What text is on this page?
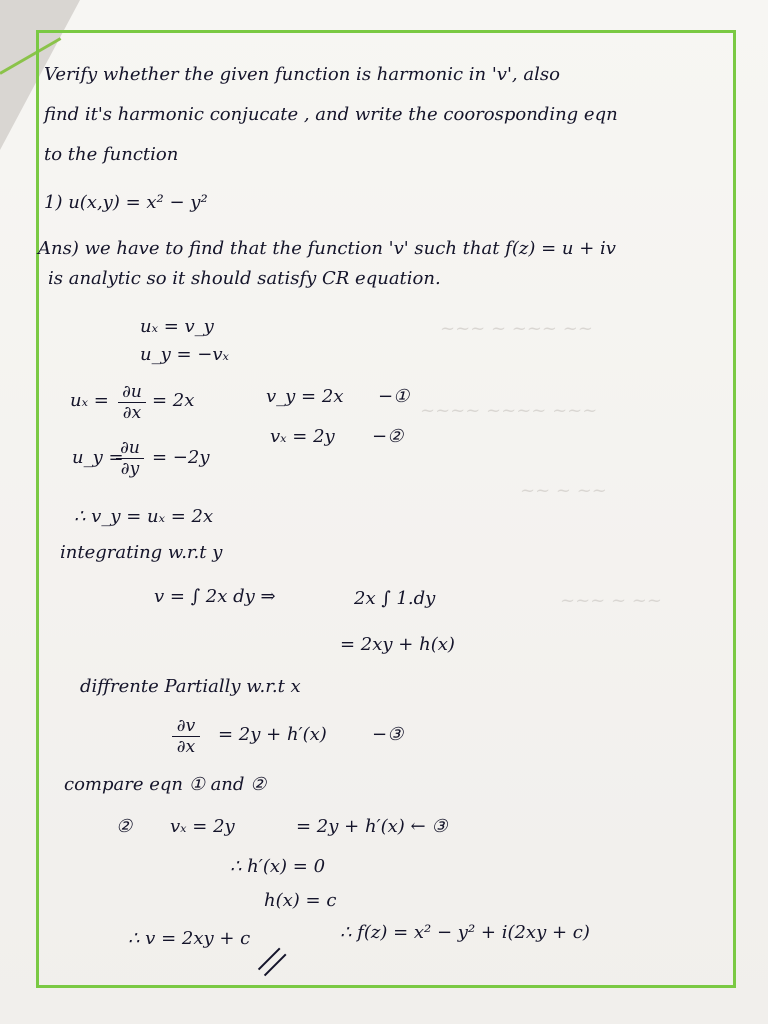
~~~ ~ ~~~ ~~
~~~~ ~~~~ ~~~
~~ ~ ~~
~~~ ~ ~~
Verify whether the given function is harmonic in 'v', also
find it's harmonic conjucate , and write the coorosponding eqn
to the function
1) u(x,y) = x² − y²
Ans) we have to find that the function 'v' such that f(z) = u + iv
is analytic so it should satisfy CR equation.
uₓ = v_y
u_y = −vₓ
$u_x = \frac{\partial u}{\partial x} = 2x$	v_y = 2x −①
vₓ = 2y −②
u_y =
$\frac{\partial u}{\partial y} = -2y$
∴ v_y = uₓ = 2x
integrating w.r.t y
v = ∫ 2x dy ⇒	2x ∫ 1.dy
= 2xy + h(x)
diffrente Partially w.r.t x
$\frac{\partial v}{\partial x} = 2y + h'(x)$	−③
compare eqn ① and ②
② vₓ = 2y	= 2y + h′(x) ← ③
∴ h′(x) = 0
h(x) = c
∴ v = 2xy + c	∴ f(z) = x² − y² + i(2xy + c)
